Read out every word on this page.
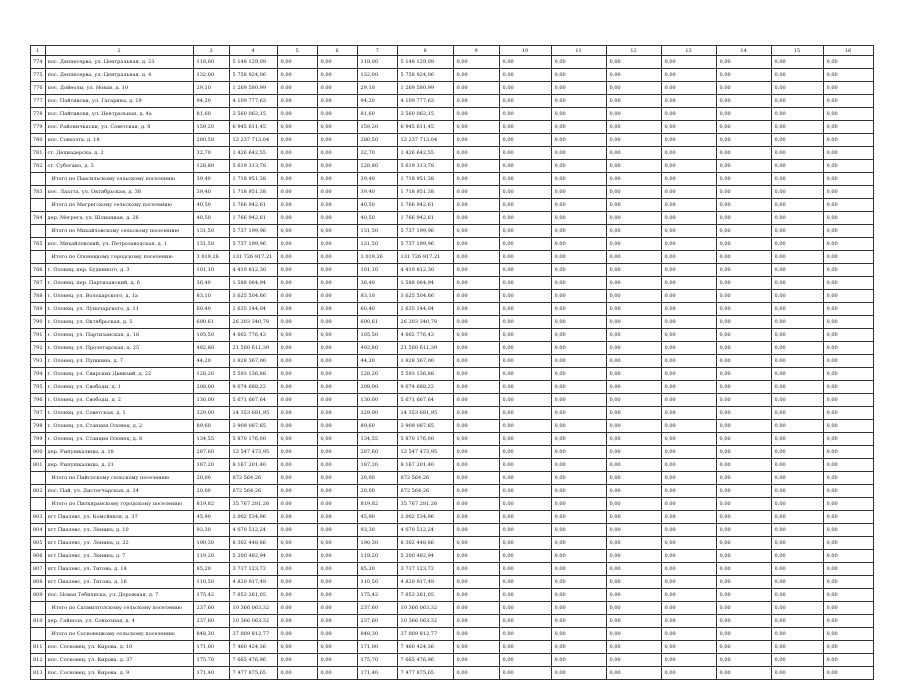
1	2	3	4	5	6	7	8	9	10	11	12	13	14	15	16
774	пос. Деппесерва, ул. Центральная, д. 23	118,00	5 148 129,09	0,00	0,00	118,00	5 148 129,09	0,00	0,00	0,00	0,00	0,00	0,00	0,00	0,00
775	пос. Деппесерва, ул. Центральная, д. 4	132,00	5 758 924,06	0,00	0,00	132,00	5 758 924,06	0,00	0,00	0,00	0,00	0,00	0,00	0,00	0,00
776	пос. Дойеолы, ул. Новая, д. 10	29,10	1 269 580,99	0,00	0,00	29,10	1 269 580,99	0,00	0,00	0,00	0,00	0,00	0,00	0,00	0,00
777	пос. Пайтивски, ул. Гагарина, д. 19	94,20	4 109 777,63	0,00	0,00	94,20	4 109 777,63	0,00	0,00	0,00	0,00	0,00	0,00	0,00	0,00
778	пос. Пайтивски, ул. Центральная, д. 4а	81,60	3 560 062,15	0,00	0,00	81,60	3 560 062,15	0,00	0,00	0,00	0,00	0,00	0,00	0,00	0,00
779	пос. Районичкаски, ул. Советская, д. 8	159,20	6 945 611,45	0,00	0,00	159,20	6 945 611,45	0,00	0,00	0,00	0,00	0,00	0,00	0,00	0,00
780	пос. Совхозта, д. 18	280,50	12 237 713,04	0,00	0,00	280,50	12 237 713,04	0,00	0,00	0,00	0,00	0,00	0,00	0,00	0,00
781	ст. Депиадерска, д. 2	32,70	1 426 642,55	0,00	0,00	32,70	1 426 642,55	0,00	0,00	0,00	0,00	0,00	0,00	0,00	0,00
782	ст. Субогано, д. 3	128,80	5 619 313,78	0,00	0,00	128,80	5 619 313,78	0,00	0,00	0,00	0,00	0,00	0,00	0,00	0,00
	Итого по Паасильскому сельскому поселению	39,40	1 718 951,38	0,00	0,00	39,40	1 718 951,38	0,00	0,00	0,00	0,00	0,00	0,00	0,00	0,00
783	пос. Лаатта, ул. Октябрьская, д. 38	39,40	1 718 951,38	0,00	0,00	39,40	1 718 951,38	0,00	0,00	0,00	0,00	0,00	0,00	0,00	0,00
	Итого по Мегрегскому сельскому поселению	40,50	1 766 942,61	0,00	0,00	40,50	1 766 942,61	0,00	0,00	0,00	0,00	0,00	0,00	0,00	0,00
784	дер. Мегрега, ул. Шлиапная, д. 26	40,50	1 766 942,61	0,00	0,00	40,50	1 766 942,61	0,00	0,00	0,00	0,00	0,00	0,00	0,00	0,00
	Итого по Михайловскому сельскому поселению	131,50	5 737 199,96	0,00	0,00	131,50	5 737 199,96	0,00	0,00	0,00	0,00	0,00	0,00	0,00	0,00
785	пос. Михайловский, ул. Петрозаводская, д. 1	131,50	5 737 199,96	0,00	0,00	131,50	5 737 199,96	0,00	0,00	0,00	0,00	0,00	0,00	0,00	0,00
	Итого по Олонецкому городскому поселению	3 019,26	131 726 917,21	0,00	0,00	3 019,26	131 726 917,21	0,00	0,00	0,00	0,00	0,00	0,00	0,00	0,00
786	г. Олонец, пер. Буденного, д. 3	101,10	4 410 812,30	0,00	0,00	101,10	4 410 812,30	0,00	0,00	0,00	0,00	0,00	0,00	0,00	0,00
787	г. Олонец, пер. Партизанский, д. 6	36,40	1 588 064,94	0,00	0,00	36,40	1 588 064,94	0,00	0,00	0,00	0,00	0,00	0,00	0,00	0,00
788	г. Олонец, ул. Володарского, д. 1а	83,10	3 625 504,66	0,00	0,00	83,10	3 625 504,66	0,00	0,00	0,00	0,00	0,00	0,00	0,00	0,00
789	г. Олонец, ул. Луначарского, д. 11	60,40	2 635 144,04	0,00	0,00	60,40	2 635 144,04	0,00	0,00	0,00	0,00	0,00	0,00	0,00	0,00
790	г. Олонец, ул. Октябрьская, д. 5	600,61	26 203 340,78	0,00	0,00	600,61	26 203 340,78	0,00	0,00	0,00	0,00	0,00	0,00	0,00	0,00
791	г. Олонец, ул. Партизанская, д. 16	105,50	4 602 776,43	0,00	0,00	105,50	4 602 776,43	0,00	0,00	0,00	0,00	0,00	0,00	0,00	0,00
792	г. Олонец, ул. Пролетарская, д. 25	492,80	21 500 611,39	0,00	0,00	492,80	21 500 611,39	0,00	0,00	0,00	0,00	0,00	0,00	0,00	0,00
793	г. Олонец, ул. Пушкина, д. 7	44,20	1 928 367,00	0,00	0,00	44,20	1 928 367,00	0,00	0,00	0,00	0,00	0,00	0,00	0,00	0,00
794	г. Олонец, ул. Свирских Дивизий, д. 22	128,20	5 593 136,88	0,00	0,00	128,20	5 593 136,88	0,00	0,00	0,00	0,00	0,00	0,00	0,00	0,00
795	г. Олонец, ул. Свободы, д. 1	208,00	9 074 668,22	0,00	0,00	208,00	9 074 668,22	0,00	0,00	0,00	0,00	0,00	0,00	0,00	0,00
796	г. Олонец, ул. Свободы, д. 2	130,00	5 671 667,64	0,00	0,00	130,00	5 671 667,64	0,00	0,00	0,00	0,00	0,00	0,00	0,00	0,00
797	г. Олонец, ул. Советская, д. 1	329,00	14 353 681,95	0,00	0,00	329,00	14 353 681,95	0,00	0,00	0,00	0,00	0,00	0,00	0,00	0,00
798	г. Олонец, ул. Станция Олонец, д. 2	89,60	3 909 087,85	0,00	0,00	89,60	3 909 087,85	0,00	0,00	0,00	0,00	0,00	0,00	0,00	0,00
799	г. Олонец, ул. Станция Олонец, д. 8	134,55	5 870 176,00	0,00	0,00	134,55	5 870 176,00	0,00	0,00	0,00	0,00	0,00	0,00	0,00	0,00
800	дер. Рыпушкалицы, д. 18	287,60	12 547 473,95	0,00	0,00	287,60	12 547 473,95	0,00	0,00	0,00	0,00	0,00	0,00	0,00	0,00
801	дер. Рыпушкалицы, д. 21	187,20	8 167 201,40	0,00	0,00	187,20	8 167 201,40	0,00	0,00	0,00	0,00	0,00	0,00	0,00	0,00
	Итого по Пийсоскому сельскому поселению	20,00	872 564,26	0,00	0,00	20,00	872 564,26	0,00	0,00	0,00	0,00	0,00	0,00	0,00	0,00
802	пос. Пай, ул. Дистегчарская, д. 34	20,00	872 564,26	0,00	0,00	20,00	872 564,26	0,00	0,00	0,00	0,00	0,00	0,00	0,00	0,00
	Итого по Питкяранскому городскому поселению	819,82	35 767 281,26	0,00	0,00	819,82	35 767 281,26	0,00	0,00	0,00	0,00	0,00	0,00	0,00	0,00
803	пгт Пиалевс, ул. Комсйявля, д. 37	45,90	2 002 534,96	0,00	0,00	45,90	2 002 534,96	0,00	0,00	0,00	0,00	0,00	0,00	0,00	0,00
804	пгт Пиалевс, ул. Ленина, д. 10	93,30	4 070 512,24	0,00	0,00	93,30	4 070 512,24	0,00	0,00	0,00	0,00	0,00	0,00	0,00	0,00
805	пгт Пиалевс, ул. Ленина, д. 22	190,30	8 302 448,86	0,00	0,00	190,30	8 302 448,86	0,00	0,00	0,00	0,00	0,00	0,00	0,00	0,00
806	пгт Пиалевс, ул. Ленина, д. 7	119,20	5 200 482,94	0,00	0,00	119,20	5 200 482,94	0,00	0,00	0,00	0,00	0,00	0,00	0,00	0,00
807	пгт Пиалевс, ул. Титова, д. 14	85,20	3 717 123,72	0,00	0,00	85,20	3 717 123,72	0,00	0,00	0,00	0,00	0,00	0,00	0,00	0,00
808	пгт Пиалевс, ул. Титова, д. 16	110,50	4 820 917,49	0,00	0,00	110,50	4 820 917,49	0,00	0,00	0,00	0,00	0,00	0,00	0,00	0,00
809	пос. Новая Тебилиска, ул. Дорожная, д. 7	175,42	7 653 261,05	0,00	0,00	175,42	7 653 261,05	0,00	0,00	0,00	0,00	0,00	0,00	0,00	0,00
	Итого по Салмилтолскому сельскому поселению	237,60	10 366 063,32	0,00	0,00	237,60	10 366 063,32	0,00	0,00	0,00	0,00	0,00	0,00	0,00	0,00
810	дер. Гайнола, ул. Совхозная, д. 4	237,60	10 366 063,32	0,00	0,00	237,60	10 366 063,32	0,00	0,00	0,00	0,00	0,00	0,00	0,00	0,00
	Итого по Сосновецкому сельскому поселению	848,30	37 009 812,77	0,00	0,00	848,30	37 009 812,77	0,00	0,00	0,00	0,00	0,00	0,00	0,00	0,00
811	пос. Сосновец, ул. Кирова, д. 10	171,00	7 460 424,36	0,00	0,00	171,00	7 460 424,36	0,00	0,00	0,00	0,00	0,00	0,00	0,00	0,00
812	пос. Сосновец, ул. Кирова, д. 37	175,70	7 665 476,96	0,00	0,00	175,70	7 665 476,96	0,00	0,00	0,00	0,00	0,00	0,00	0,00	0,00
813	пос. Сосновец, ул. Кирова, д. 9	171,40	7 477 875,65	0,00	0,00	171,40	7 477 875,65	0,00	0,00	0,00	0,00	0,00	0,00	0,00	0,00
